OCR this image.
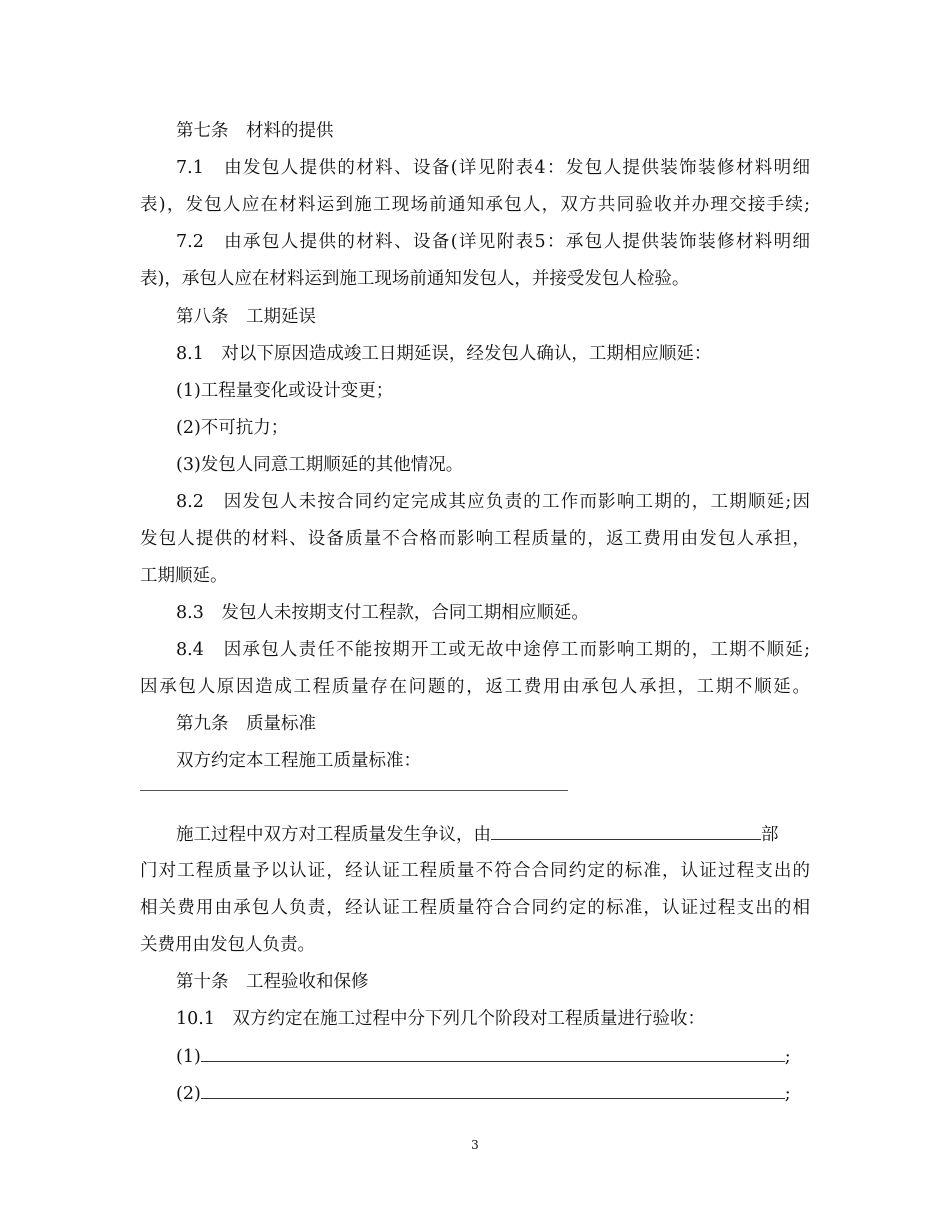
第七条　材料的提供
7.1　由发包人提供的材料、设备(详见附表4：发包人提供装饰装修材料明细
表)，发包人应在材料运到施工现场前通知承包人，双方共同验收并办理交接手续;
7.2　由承包人提供的材料、设备(详见附表5：承包人提供装饰装修材料明细
表)，承包人应在材料运到施工现场前通知发包人，并接受发包人检验。
第八条　工期延误
8.1　对以下原因造成竣工日期延误，经发包人确认，工期相应顺延：
(1)工程量变化或设计变更；
(2)不可抗力；
(3)发包人同意工期顺延的其他情况。
8.2　因发包人未按合同约定完成其应负责的工作而影响工期的，工期顺延;因
发包人提供的材料、设备质量不合格而影响工程质量的，返工费用由发包人承担，
工期顺延。
8.3　发包人未按期支付工程款，合同工期相应顺延。
8.4　因承包人责任不能按期开工或无故中途停工而影响工期的，工期不顺延;
因承包人原因造成工程质量存在问题的，返工费用由承包人承担，工期不顺延。
第九条　质量标准
双方约定本工程施工质量标准：
施工过程中双方对工程质量发生争议，由	部
门对工程质量予以认证，经认证工程质量不符合合同约定的标准，认证过程支出的
相关费用由承包人负责，经认证工程质量符合合同约定的标准，认证过程支出的相
关费用由发包人负责。
第十条　工程验收和保修
10.1　双方约定在施工过程中分下列几个阶段对工程质量进行验收：
(1)	;
(2)	;
3
